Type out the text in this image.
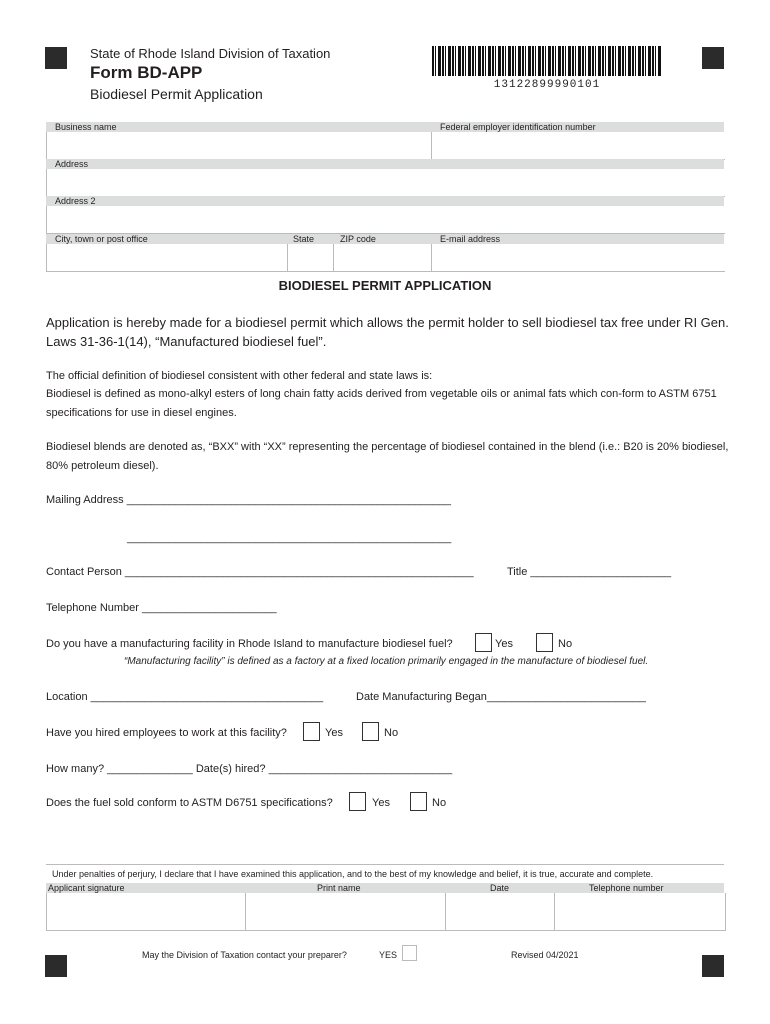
State of Rhode Island Division of Taxation
Form BD-APP
Biodiesel Permit Application
13122899990101
Business name	Federal employer identification number
Address
Address 2
City, town or post office	State	ZIP code	E-mail address
BIODIESEL PERMIT APPLICATION
Application is hereby made for a biodiesel permit which allows the permit holder to sell biodiesel tax free under RI Gen. Laws 31-36-1(14), “Manufactured biodiesel fuel”.
The official definition of biodiesel consistent with other federal and state laws is:
Biodiesel is defined as mono-alkyl esters of long chain fatty acids derived from vegetable oils or animal fats which con-form to ASTM 6751 specifications for use in diesel engines.
Biodiesel blends are denoted as, “BXX” with “XX” representing the percentage of biodiesel contained in the blend (i.e.: B20 is 20% biodiesel, 80% petroleum diesel).
Mailing Address _____________________________________________________
_____________________________________________________
Contact Person _________________________________________________________	Title _______________________
Telephone Number ______________________
Do you have a manufacturing facility in Rhode Island to manufacture biodiesel fuel?	Yes	No
“Manufacturing facility” is defined as a factory at a fixed location primarily engaged in the manufacture of biodiesel fuel.
Location ______________________________________	Date Manufacturing Began__________________________
Have you hired employees to work at this facility?	Yes	No
How many? ______________ Date(s) hired? ______________________________
Does the fuel sold conform to ASTM D6751 specifications?	Yes	No
Under penalties of perjury, I declare that I have examined this application, and to the best of my knowledge and belief, it is true, accurate and complete.
Applicant signature	Print name	Date	Telephone number
May the Division of Taxation contact your preparer?	YES	Revised 04/2021
